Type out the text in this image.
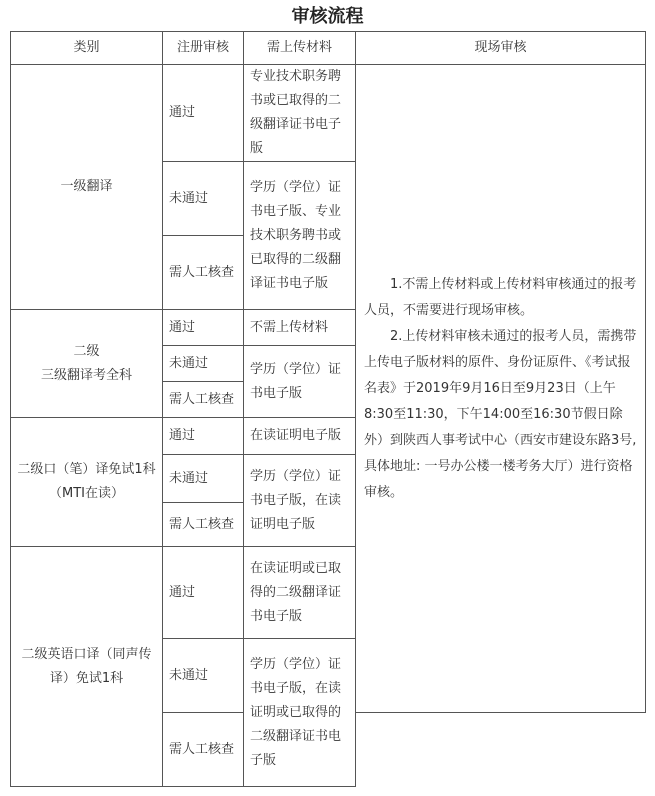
审核流程
类别	注册审核	需上传材料	现场审核
一级翻译	通过	专业技术职务聘书或已取得的二级翻译证书电子版	1.不需上传材料或上传材料审核通过的报考人员，不需要进行现场审核。

2.上传材料审核未通过的报考人员，需携带上传电子版材料的原件、身份证原件、《考试报名表》于2019年9月16日至9月23日（上午8:30至11:30，下午14:00至16:30节假日除外）到陕西人事考试中心（西安市建设东路3号,具体地址: 一号办公楼一楼考务大厅）进行资格审核。

	未通过	学历（学位）证书电子版、专业技术职务聘书或已取得的二级翻译证书电子版	
	需人工核查		

二级
三级翻译考全科	通过	不需上传材料	
	未通过	学历（学位）证书电子版	
	需人工核查		
二级口（笔）译免试1科（MTI在读）	通过	在读证明电子版	
	未通过	学历（学位）证书电子版，在读证明电子版	
	需人工核查		
二级英语口译（同声传译）免试1科	通过	在读证明或已取得的二级翻译证书电子版	
	未通过	学历（学位）证书电子版，在读证明或已取得的二级翻译证书电子版	
	需人工核查		
